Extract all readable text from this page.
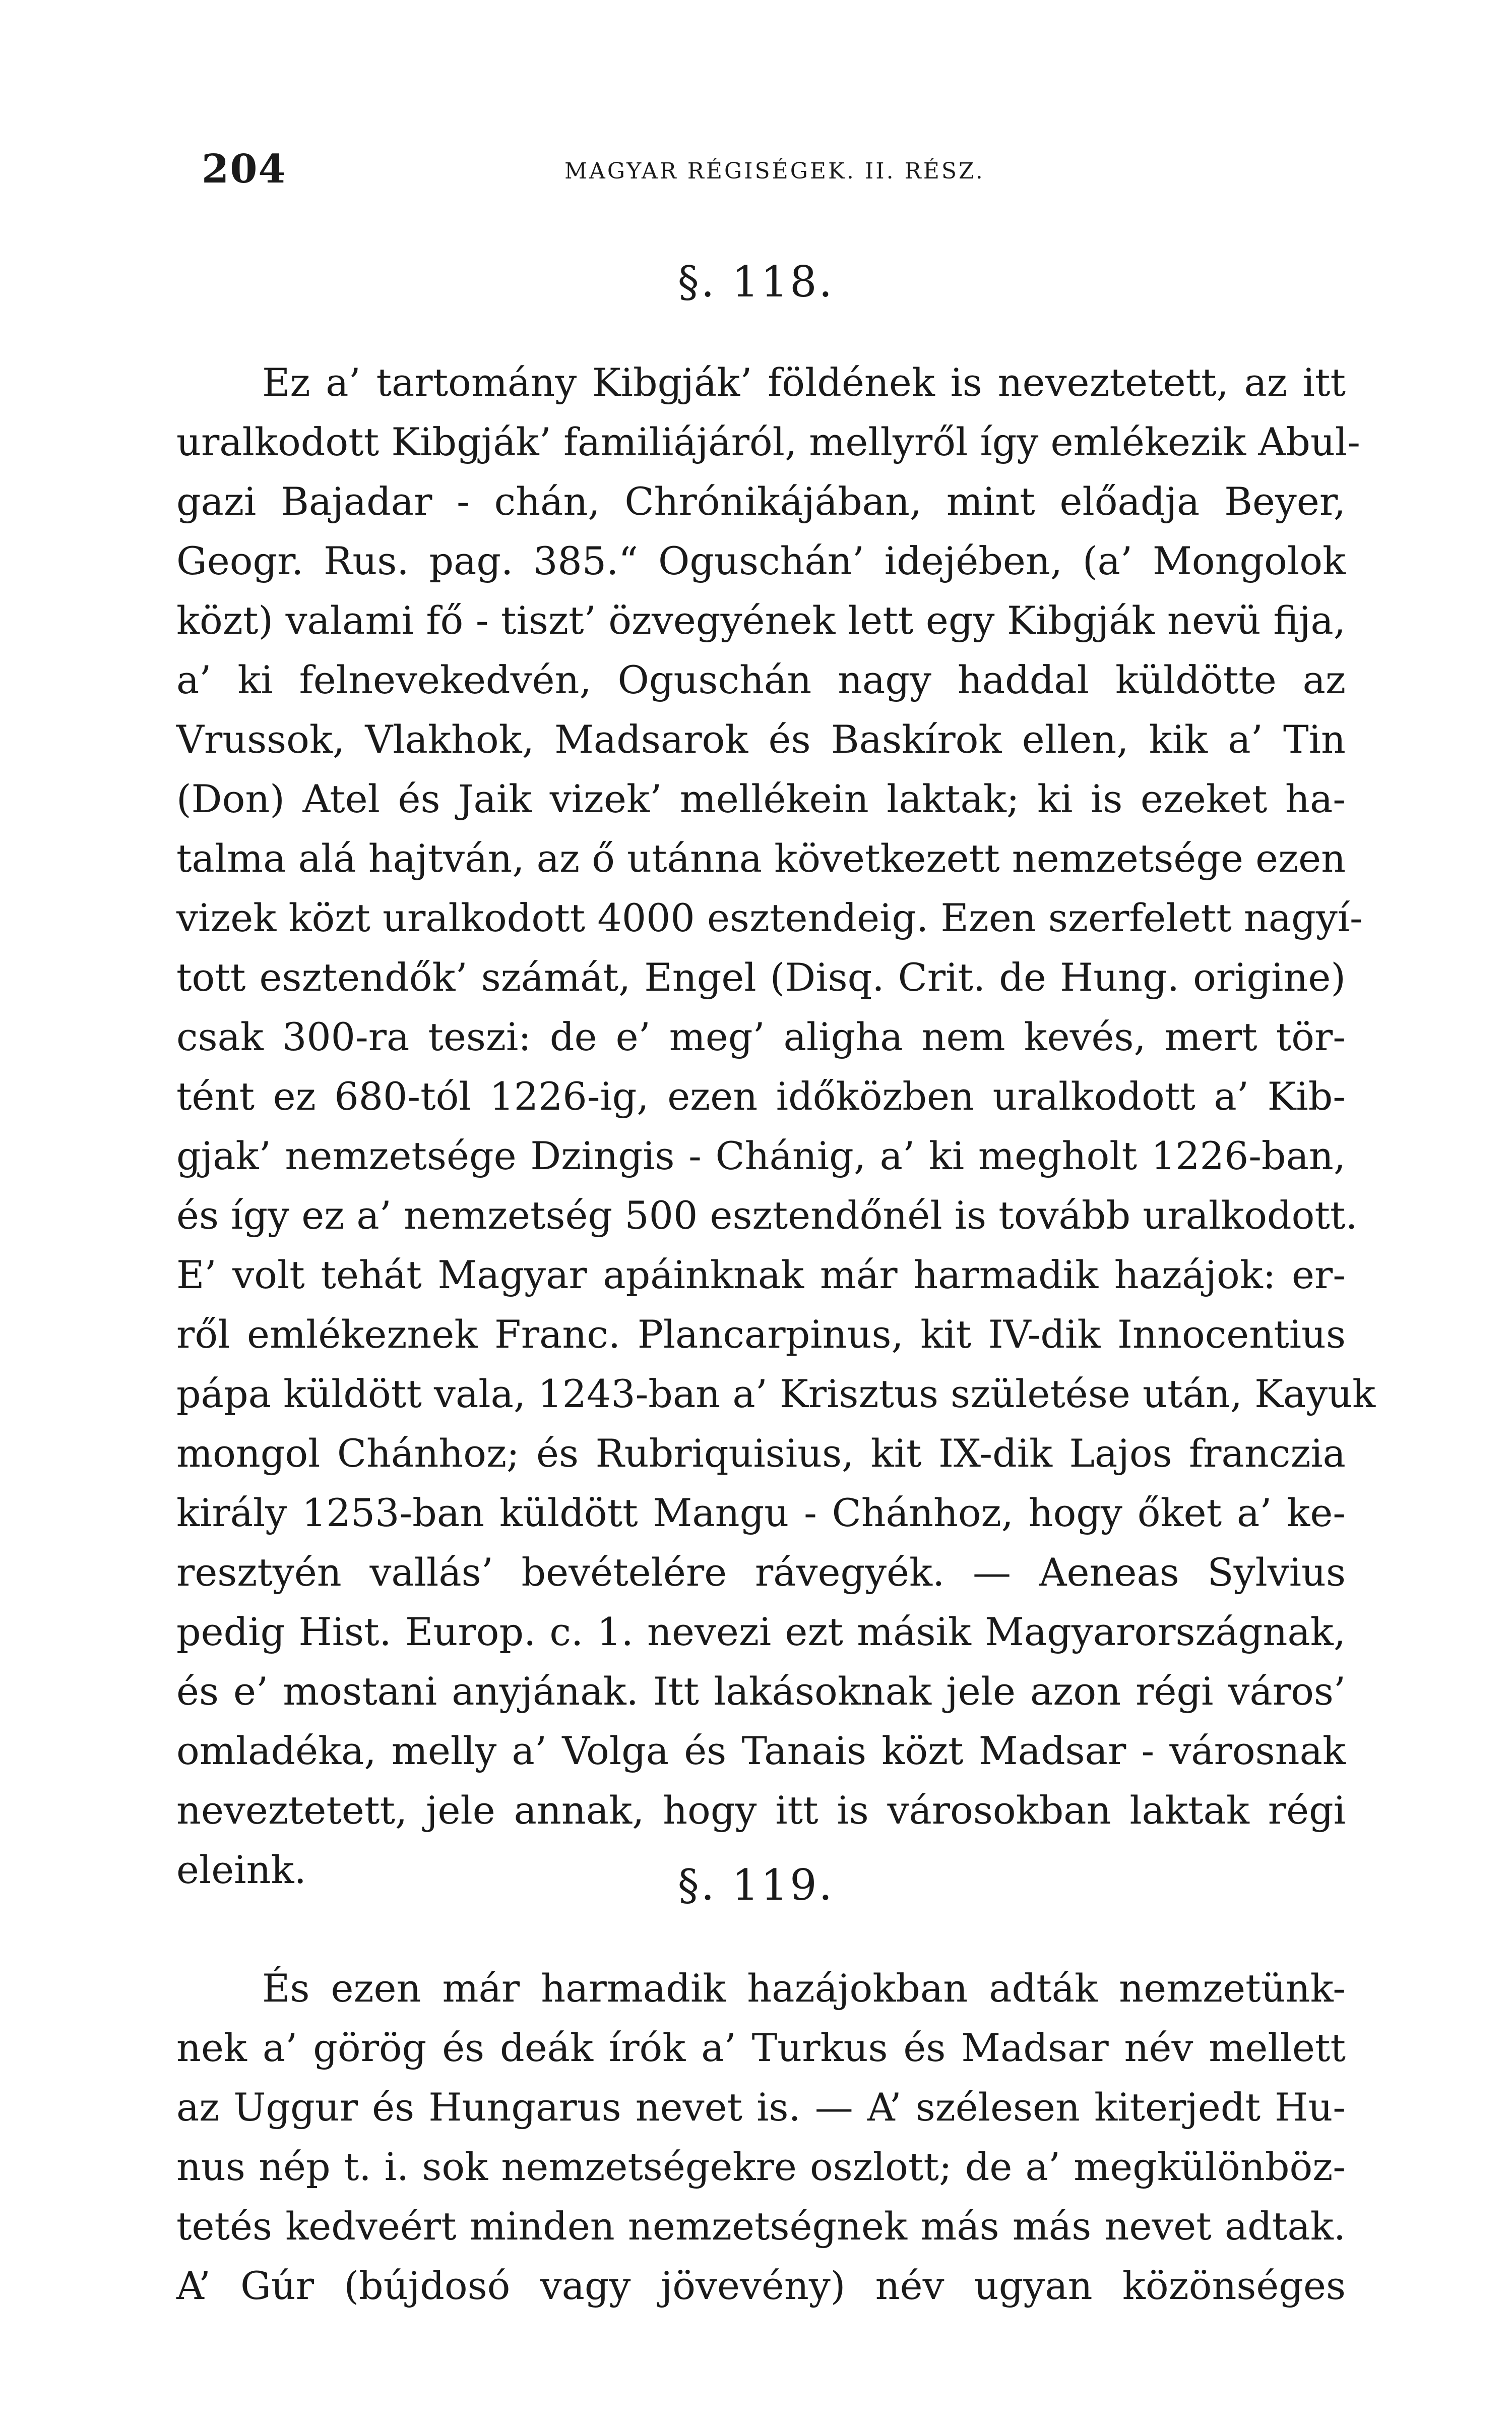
204	MAGYAR RÉGISÉGEK. II. RÉSZ.
§. 118.
Ez a’ tartomány Kibgják’ földének is neveztetett, az itt
uralkodott Kibgják’ familiájáról, mellyről így emlékezik Abul-
gazi Bajadar - chán, Chrónikájában, mint előadja Beyer,
Geogr. Rus. pag. 385.“ Oguschán’ idejében, (a’ Mongolok
közt) valami fő - tiszt’ özvegyének lett egy Kibgják nevü fija,
a’ ki felnevekedvén, Oguschán nagy haddal küldötte az
Vrussok, Vlakhok, Madsarok és Baskírok ellen, kik a’ Tin
(Don) Atel és Jaik vizek’ mellékein laktak; ki is ezeket ha-
talma alá hajtván, az ő utánna következett nemzetsége ezen
vizek közt uralkodott 4000 esztendeig. Ezen szerfelett nagyí-
tott esztendők’ számát, Engel (Disq. Crit. de Hung. origine)
csak 300-ra teszi: de e’ meg’ aligha nem kevés, mert tör-
tént ez 680-tól 1226-ig, ezen időközben uralkodott a’ Kib-
gjak’ nemzetsége Dzingis - Chánig, a’ ki megholt 1226-ban,
és így ez a’ nemzetség 500 esztendőnél is tovább uralkodott.
E’ volt tehát Magyar apáinknak már harmadik hazájok: er-
ről emlékeznek Franc. Plancarpinus, kit IV-dik Innocentius
pápa küldött vala, 1243-ban a’ Krisztus születése után, Kayuk
mongol Chánhoz; és Rubriquisius, kit IX-dik Lajos franczia
király 1253-ban küldött Mangu - Chánhoz, hogy őket a’ ke-
resztyén vallás’ bevételére rávegyék. — Aeneas Sylvius
pedig Hist. Europ. c. 1. nevezi ezt másik Magyarországnak,
és e’ mostani anyjának. Itt lakásoknak jele azon régi város’
omladéka, melly a’ Volga és Tanais közt Madsar - városnak
neveztetett, jele annak, hogy itt is városokban laktak régi
eleink.	§. 119.
És ezen már harmadik hazájokban adták nemzetünk-
nek a’ görög és deák írók a’ Turkus és Madsar név mellett
az Uggur és Hungarus nevet is. — A’ szélesen kiterjedt Hu-
nus nép t. i. sok nemzetségekre oszlott; de a’ megkülönböz-
tetés kedveért minden nemzetségnek más más nevet adtak.
A’ Gúr (bújdosó vagy jövevény) név ugyan közönséges
